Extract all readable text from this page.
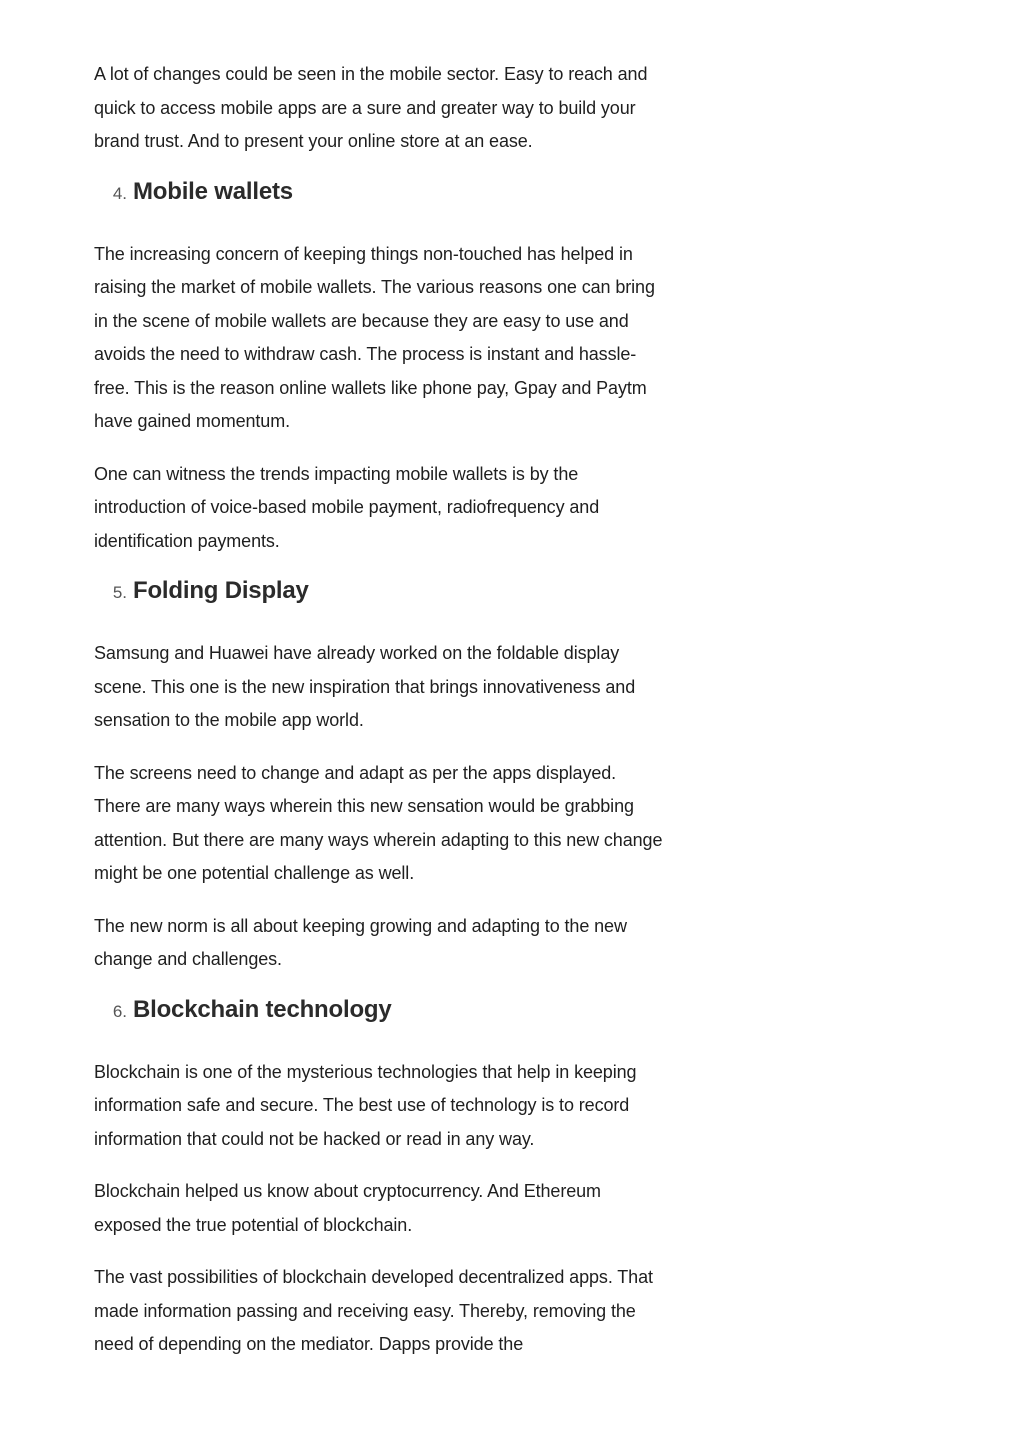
A lot of changes could be seen in the mobile sector. Easy to reach and quick to access mobile apps are a sure and greater way to build your brand trust. And to present your online store at an ease.

4. Mobile wallets

The increasing concern of keeping things non-touched has helped in raising the market of mobile wallets. The various reasons one can bring in the scene of mobile wallets are because they are easy to use and avoids the need to withdraw cash. The process is instant and hassle-free. This is the reason online wallets like phone pay, Gpay and Paytm have gained momentum.

One can witness the trends impacting mobile wallets is by the introduction of voice-based mobile payment, radiofrequency and identification payments.

5. Folding Display

Samsung and Huawei have already worked on the foldable display scene. This one is the new inspiration that brings innovativeness and sensation to the mobile app world.

The screens need to change and adapt as per the apps displayed. There are many ways wherein this new sensation would be grabbing attention. But there are many ways wherein adapting to this new change might be one potential challenge as well.

The new norm is all about keeping growing and adapting to the new change and challenges.

6. Blockchain technology

Blockchain is one of the mysterious technologies that help in keeping information safe and secure. The best use of technology is to record information that could not be hacked or read in any way.

Blockchain helped us know about cryptocurrency. And Ethereum exposed the true potential of blockchain.

The vast possibilities of blockchain developed decentralized apps. That made information passing and receiving easy. Thereby, removing the need of depending on the mediator. Dapps provide the
